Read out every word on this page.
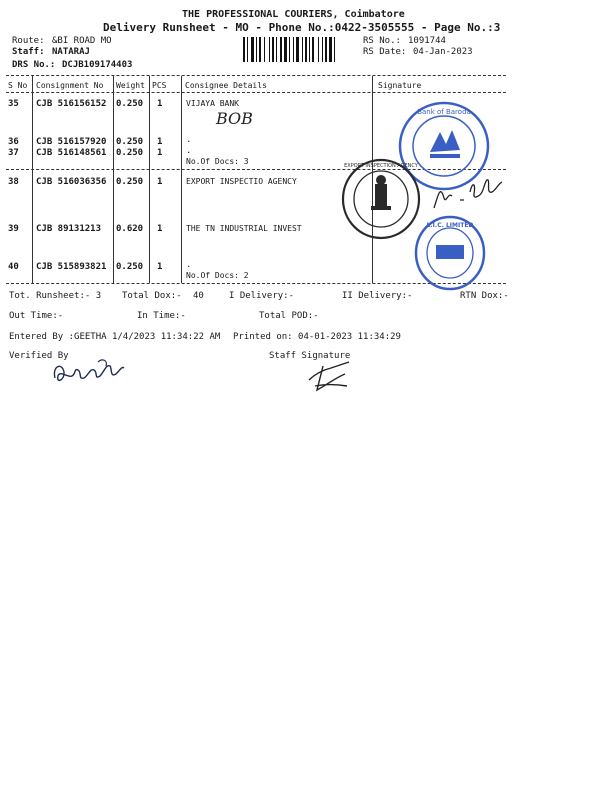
THE PROFESSIONAL COURIERS, Coimbatore
Delivery Runsheet - MO - Phone No.:0422-3505555 - Page No.:3
Route: &BI ROAD MO
Staff: NATARAJ
DRS No.: DCJB109174403
RS No.: 1091744
RS Date: 04-Jan-2023
S No Consignment No Weight PCS Consignee Details	Signature
35 CJB 516156152 0.250 1	VIJAYA BANK
BOB
36 CJB 516157920 0.250 1	.
37 CJB 516148561 0.250 1	.
No.Of Docs: 3
38 CJB 516036356 0.250 1	EXPORT INSPECTIO AGENCY
39 CJB 89131213 0.620 1	THE TN INDUSTRIAL INVEST
40 CJB 515893821 0.250 1	.
No.Of Docs: 2
Tot. Runsheet:- 3 Total Dox:- 40	I Delivery:-	II Delivery:-	RTN Dox:-
Out Time:-	In Time:-	Total POD:-
Entered By :GEETHA 1/4/2023 11:34:22 AM Printed on: 04-01-2023 11:34:29
Verified By	Staff Signature
Bank of Baroda
EXPORT INSPECTION AGENCY
L.I.C. LIMITED
